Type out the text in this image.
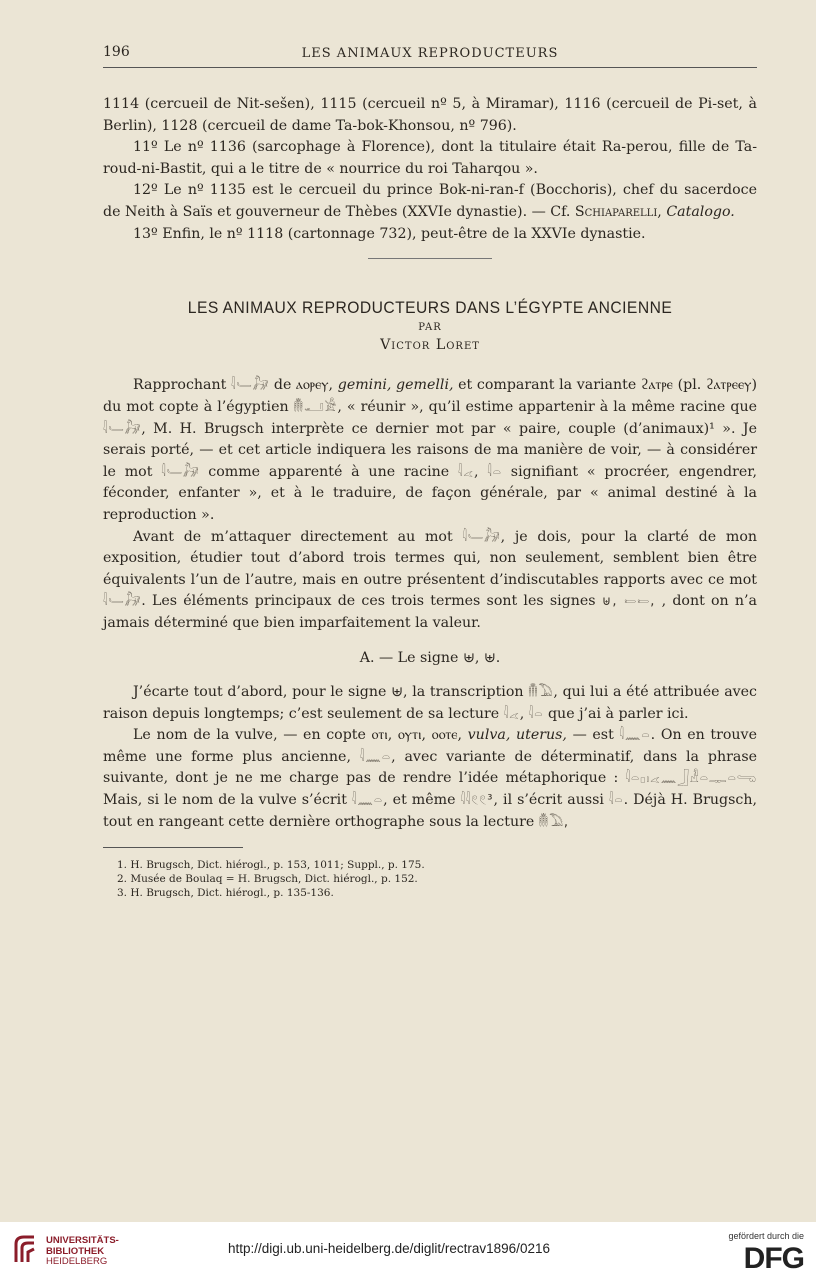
196	LES ANIMAUX REPRODUCTEURS

1114 (cercueil de Nit-sešen), 1115 (cercueil nº 5, à Miramar), 1116 (cercueil de Pi-set, à Berlin), 1128 (cercueil de dame Ta-bok-Khonsou, nº 796).

11º Le nº 1136 (sarcophage à Florence), dont la titulaire était Ra-perou, fille de Ta-roud-ni-Bastit, qui a le titre de « nourrice du roi Taharqou ».

12º Le nº 1135 est le cercueil du prince Bok-ni-ran-f (Bocchoris), chef du sacerdoce de Neith à Saïs et gouverneur de Thèbes (XXVIe dynastie). — Cf. Schiaparelli, Catalogo.

13º Enfin, le nº 1118 (cartonnage 732), peut-être de la XXVIe dynastie.

LES ANIMAUX REPRODUCTEURS DANS L’ÉGYPTE ANCIENNE
PAR
Victor Loret

Rapprochant 𓇋𓄑𓃗 de ⲁⲟⲣⲉⲩ, gemini, gemelli, et comparant la variante ϩⲁⲧⲣⲉ (pl. ϩⲁⲧⲣⲉⲉⲩ) du mot copte à l’égyptien 𓄟𓂝𓀀, « réunir », qu’il estime appartenir à la même racine que 𓇋𓄑𓃗, M. H. Brugsch interprète ce dernier mot par « paire, couple (d’animaux)¹ ». Je serais porté, — et cet article indiquera les raisons de ma manière de voir, — à considérer le mot 𓇋𓄑𓃗 comme apparenté à une racine 𓇋𓂁, 𓇋𓏏 signifiant « procréer, engendrer, féconder, enfanter », et à le traduire, de façon générale, par « animal destiné à la reproduction ».

Avant de m’attaquer directement au mot 𓇋𓄑𓃗, je dois, pour la clarté de mon exposition, étudier tout d’abord trois termes qui, non seulement, semblent bien être équivalents l’un de l’autre, mais en outre présentent d’indiscutables rapports avec ce mot 𓇋𓄑𓃗. Les éléments principaux de ces trois termes sont les signes ⊎, 𓍿𓍿, , dont on n’a jamais déterminé que bien imparfaitement la valeur.

A. — Le signe ⊎, ⊎.

J’écarte tout d’abord, pour le signe ⊎, la transcription 𓄟𓅐, qui lui a été attribuée avec raison depuis longtemps; c’est seulement de sa lecture 𓇋𓂁, 𓇋𓏏 que j’ai à parler ici.

Le nom de la vulve, — en copte ⲟⲧⲓ, ⲟⲩⲧⲓ, ⲟⲟⲧⲉ, vulva, uterus, — est 𓇋𓈖𓏏. On en trouve même une forme plus ancienne, 𓇋𓈖𓏏, avec variante de déterminatif, dans la phrase suivante, dont je ne me charge pas de rendre l’idée métaphorique : 𓇋𓏏𓊪𓏤𓂁𓈖𓃀𓁐𓏏𓊃𓏏𓂸 Mais, si le nom de la vulve s’écrit 𓇋𓈖𓏏, et même 𓇋𓇋𓏲𓏲³, il s’écrit aussi 𓇋𓏏. Déjà H. Brugsch, tout en rangeant cette dernière orthographe sous la lecture 𓄟𓅐,

1. H. Brugsch, Dict. hiérogl., p. 153, 1011; Suppl., p. 175.
2. Musée de Boulaq = H. Brugsch, Dict. hiérogl., p. 152.
3. H. Brugsch, Dict. hiérogl., p. 135-136.
UNIVERSITÄTS-
BIBLIOTHEK
HEIDELBERG
http://digi.ub.uni-heidelberg.de/diglit/rectrav1896/0216
gefördert durch die
DFG
